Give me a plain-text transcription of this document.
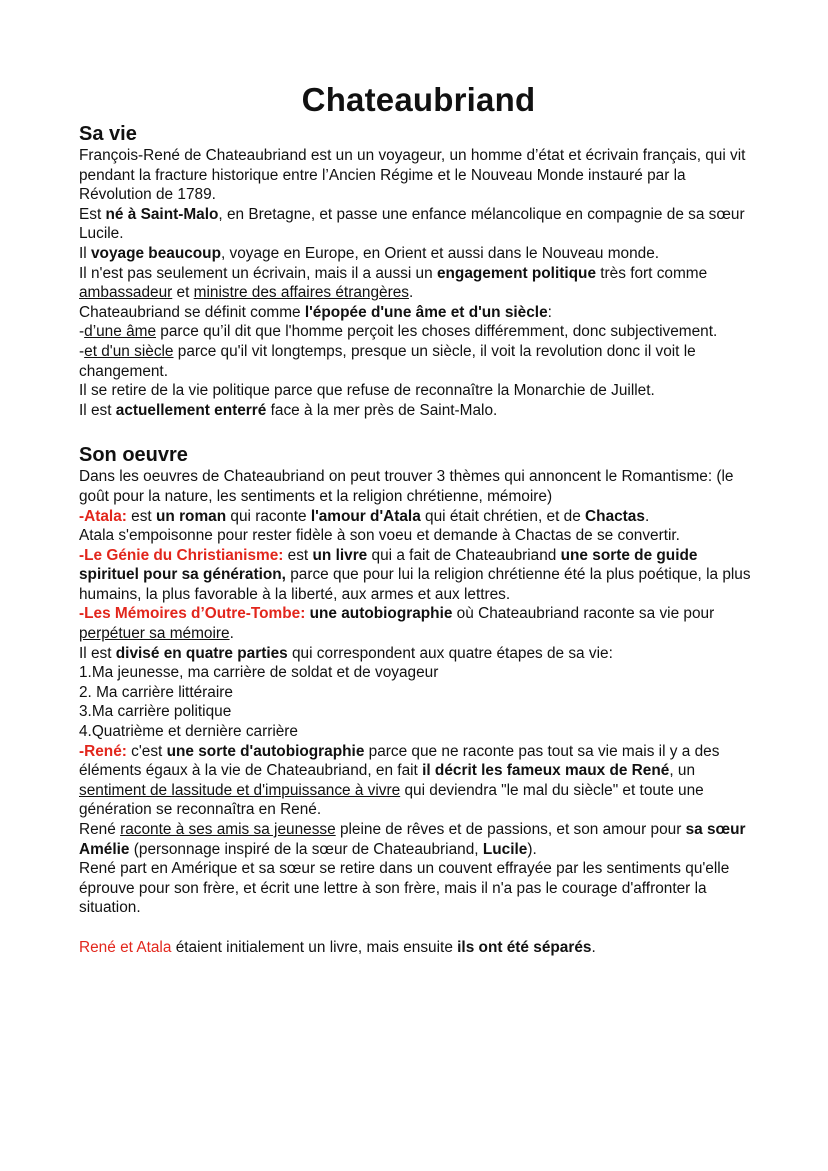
Chateaubriand
Sa vie

François-René de Chateaubriand est un un voyageur, un homme d’état et écrivain français, qui vit pendant la fracture historique entre l’Ancien Régime et le Nouveau Monde instauré par la Révolution de 1789.

Est né à Saint-Malo, en Bretagne, et passe une enfance mélancolique en compagnie de sa sœur Lucile.

Il voyage beaucoup, voyage en Europe, en Orient et aussi dans le Nouveau monde.

Il n'est pas seulement un écrivain, mais il a aussi un engagement politique très fort comme ambassadeur et ministre des affaires étrangères.

Chateaubriand se définit comme l'épopée d'une âme et d'un siècle:

-d’une âme parce qu’il dit que l'homme perçoit les choses différemment, donc subjectivement.

-et d'un siècle parce qu'il vit longtemps, presque un siècle, il voit la revolution donc il voit le changement.

Il se retire de la vie politique parce que refuse de reconnaître la Monarchie de Juillet.

Il est actuellement enterré face à la mer près de Saint-Malo.

Son oeuvre

Dans les oeuvres de Chateaubriand on peut trouver 3 thèmes qui annoncent le Romantisme: (le goût pour la nature, les sentiments et la religion chrétienne, mémoire)

-Atala: est un roman qui raconte l'amour d'Atala qui était chrétien, et de Chactas.

Atala s'empoisonne pour rester fidèle à son voeu et demande à Chactas de se convertir.

-Le Génie du Christianisme: est un livre qui a fait de Chateaubriand une sorte de guide spirituel pour sa génération, parce que pour lui la religion chrétienne été la plus poétique, la plus humains, la plus favorable à la liberté, aux armes et aux lettres.

-Les Mémoires d’Outre-Tombe: une autobiographie où Chateaubriand raconte sa vie pour perpétuer sa mémoire.

Il est divisé en quatre parties qui correspondent aux quatre étapes de sa vie:

1.Ma jeunesse, ma carrière de soldat et de voyageur

2. Ma carrière littéraire

3.Ma carrière politique

4.Quatrième et dernière carrière

-René: c'est une sorte d'autobiographie parce que ne raconte pas tout sa vie mais il y a des éléments égaux à la vie de Chateaubriand, en fait il décrit les fameux maux de René, un sentiment de lassitude et d'impuissance à vivre qui deviendra "le mal du siècle" et toute une génération se reconnaîtra en René.

René raconte à ses amis sa jeunesse pleine de rêves et de passions, et son amour pour sa sœur Amélie (personnage inspiré de la sœur de Chateaubriand, Lucile).

René part en Amérique et sa sœur se retire dans un couvent effrayée par les sentiments qu'elle éprouve pour son frère, et écrit une lettre à son frère, mais il n'a pas le courage d'affronter la situation.

René et Atala étaient initialement un livre, mais ensuite ils ont été séparés.
